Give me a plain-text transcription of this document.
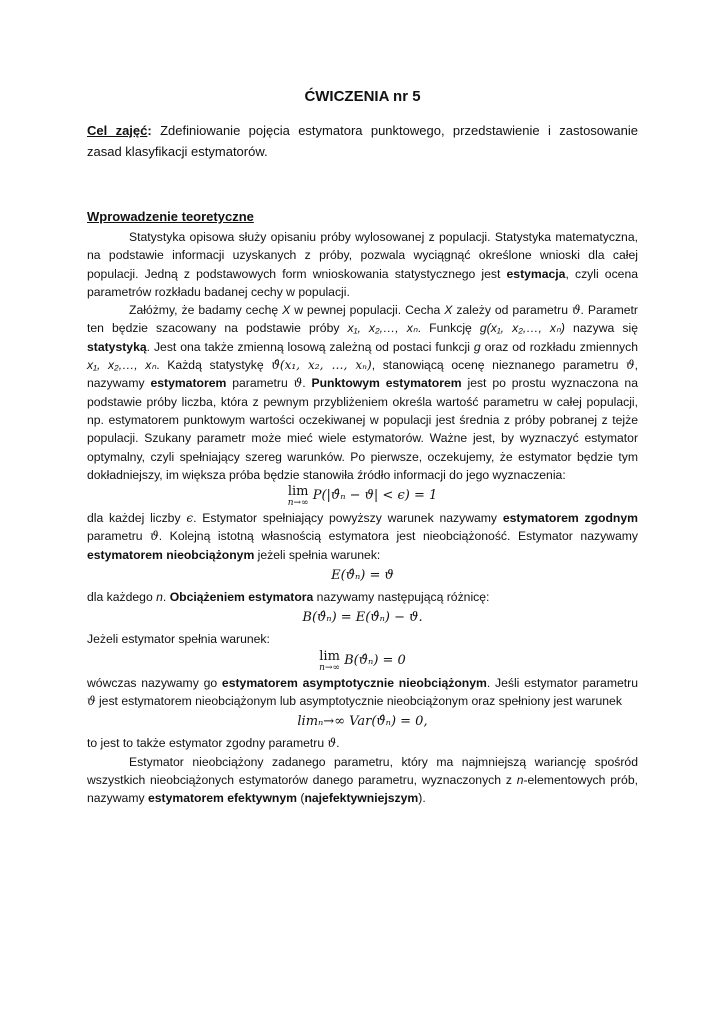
ĆWICZENIA nr 5
Cel zajęć: Zdefiniowanie pojęcia estymatora punktowego, przedstawienie i zastosowanie zasad klasyfikacji estymatorów.
Wprowadzenie teoretyczne

Statystyka opisowa służy opisaniu próby wylosowanej z populacji. Statystyka matematyczna, na podstawie informacji uzyskanych z próby, pozwala wyciągnąć określone wnioski dla całej populacji. Jedną z podstawowych form wnioskowania statystycznego jest estymacja, czyli ocena parametrów rozkładu badanej cechy w populacji.

Załóżmy, że badamy cechę X w pewnej populacji. Cecha X zależy od parametru ϑ. Parametr ten będzie szacowany na podstawie próby x₁, x₂,…, xₙ. Funkcję g(x₁, x₂,…, xₙ) nazywa się statystyką. Jest ona także zmienną losową zależną od postaci funkcji g oraz od rozkładu zmiennych x₁, x₂,…, xₙ. Każdą statystykę ϑ̂(x₁, x₂, …, xₙ), stanowiącą ocenę nieznanego parametru ϑ, nazywamy estymatorem parametru ϑ. Punktowym estymatorem jest po prostu wyznaczona na podstawie próby liczba, która z pewnym przybliżeniem określa wartość parametru w całej populacji, np. estymatorem punktowym wartości oczekiwanej w populacji jest średnia z próby pobranej z tejże populacji. Szukany parametr może mieć wiele estymatorów. Ważne jest, by wyznaczyć estymator optymalny, czyli spełniający szereg warunków. Po pierwsze, oczekujemy, że estymator będzie tym dokładniejszy, im większa próba będzie stanowiła źródło informacji do jego wyznaczenia:

lim
n→∞ P(|ϑ̂ₙ − ϑ| < ϵ) = 1

dla każdej liczby ϵ. Estymator spełniający powyższy warunek nazywamy estymatorem zgodnym parametru ϑ. Kolejną istotną własnością estymatora jest nieobciążoność. Estymator nazywamy estymatorem nieobciążonym jeżeli spełnia warunek:

E(ϑ̂ₙ) = ϑ

dla każdego n. Obciążeniem estymatora nazywamy następującą różnicę:

B(ϑ̂ₙ) = E(ϑ̂ₙ) − ϑ.

Jeżeli estymator spełnia warunek:

lim
n→∞ B(ϑ̂ₙ) = 0

wówczas nazywamy go estymatorem asymptotycznie nieobciążonym. Jeśli estymator parametru ϑ jest estymatorem nieobciążonym lub asymptotycznie nieobciążonym oraz spełniony jest warunek

limₙ→∞ Var(ϑ̂ₙ) = 0,

to jest to także estymator zgodny parametru ϑ.

Estymator nieobciążony zadanego parametru, który ma najmniejszą wariancję spośród wszystkich nieobciążonych estymatorów danego parametru, wyznaczonych z n-elementowych prób, nazywamy estymatorem efektywnym (najefektywniejszym).
